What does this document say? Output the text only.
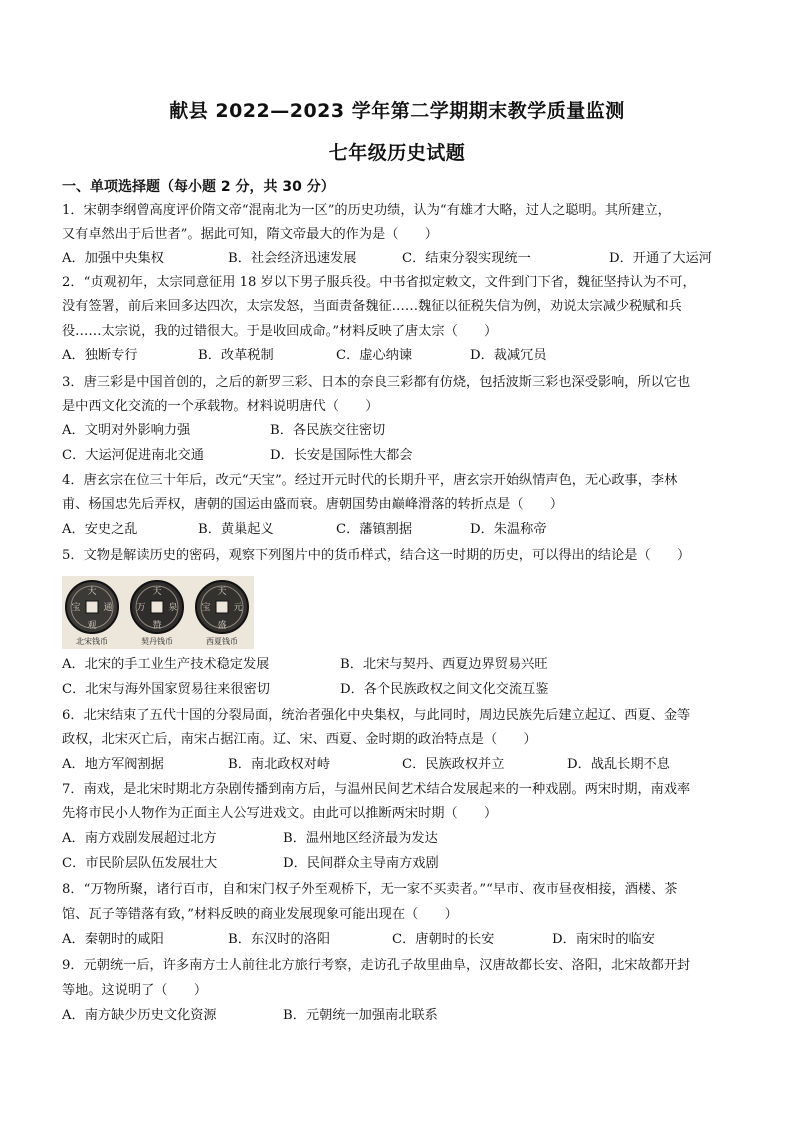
献县 2022—2023 学年第二学期期末教学质量监测
七年级历史试题
一、单项选择题（每小题 2 分，共 30 分）
1．宋朝李纲曾高度评价隋文帝“混南北为一区”的历史功绩，认为“有雄才大略，过人之聪明。其所建立，
又有卓然出于后世者”。据此可知，隋文帝最大的作为是（　　）
A．加强中央集权	B．社会经济迅速发展	C．结束分裂实现统一	D．开通了大运河
2．“贞观初年，太宗同意征用 18 岁以下男子服兵役。中书省拟定敕文，文件到门下省，魏征坚持认为不可，
没有签署，前后来回多达四次，太宗发怒，当面责备魏征……魏征以征税失信为例，劝说太宗减少税赋和兵
役……太宗说，我的过错很大。于是收回成命。”材料反映了唐太宗（　　）
A．独断专行	B．改革税制	C．虚心纳谏	D．裁减冗员
3．唐三彩是中国首创的，之后的新罗三彩、日本的奈良三彩都有仿烧，包括波斯三彩也深受影响，所以它也
是中西文化交流的一个承载物。材料说明唐代（　　）
A．文明对外影响力强	B．各民族交往密切
C．大运河促进南北交通	D．长安是国际性大都会
4．唐玄宗在位三十年后，改元“天宝”。经过开元时代的长期升平，唐玄宗开始纵情声色，无心政事，李林
甫、杨国忠先后弄权，唐朝的国运由盛而衰。唐朝国势由巅峰滑落的转折点是（　　）
A．安史之乱	B．黄巢起义	C．藩镇割据	D．朱温称帝
5．文物是解读历史的密码，观察下列图片中的货币样式，结合这一时期的历史，可以得出的结论是（　　）
大
观
通
宝
北宋钱币
天
赞
万	泉
契丹钱币
天
盛
元
宝
西夏钱币
A．北宋的手工业生产技术稳定发展	B．北宋与契丹、西夏边界贸易兴旺
C．北宋与海外国家贸易往来很密切	D．各个民族政权之间文化交流互鉴
6．北宋结束了五代十国的分裂局面，统治者强化中央集权，与此同时，周边民族先后建立起辽、西夏、金等
政权，北宋灭亡后，南宋占据江南。辽、宋、西夏、金时期的政治特点是（　　）
A．地方军阀割据	B．南北政权对峙	C．民族政权并立	D．战乱长期不息
7．南戏，是北宋时期北方杂剧传播到南方后，与温州民间艺术结合发展起来的一种戏剧。两宋时期，南戏率
先将市民小人物作为正面主人公写进戏文。由此可以推断两宋时期（　　）
A．南方戏剧发展超过北方	B．温州地区经济最为发达
C．市民阶层队伍发展壮大	D．民间群众主导南方戏剧
8．“万物所聚，诸行百市，自和宋门权子外至观桥下，无一家不买卖者。”“早市、夜市昼夜相接，酒楼、茶
馆、瓦子等错落有致，”材料反映的商业发展现象可能出现在（　　）
A．秦朝时的咸阳	B．东汉时的洛阳	C．唐朝时的长安	D．南宋时的临安
9．元朝统一后，许多南方士人前往北方旅行考察，走访孔子故里曲阜，汉唐故都长安、洛阳，北宋故都开封
等地。这说明了（　　）
A．南方缺少历史文化资源	B．元朝统一加强南北联系
